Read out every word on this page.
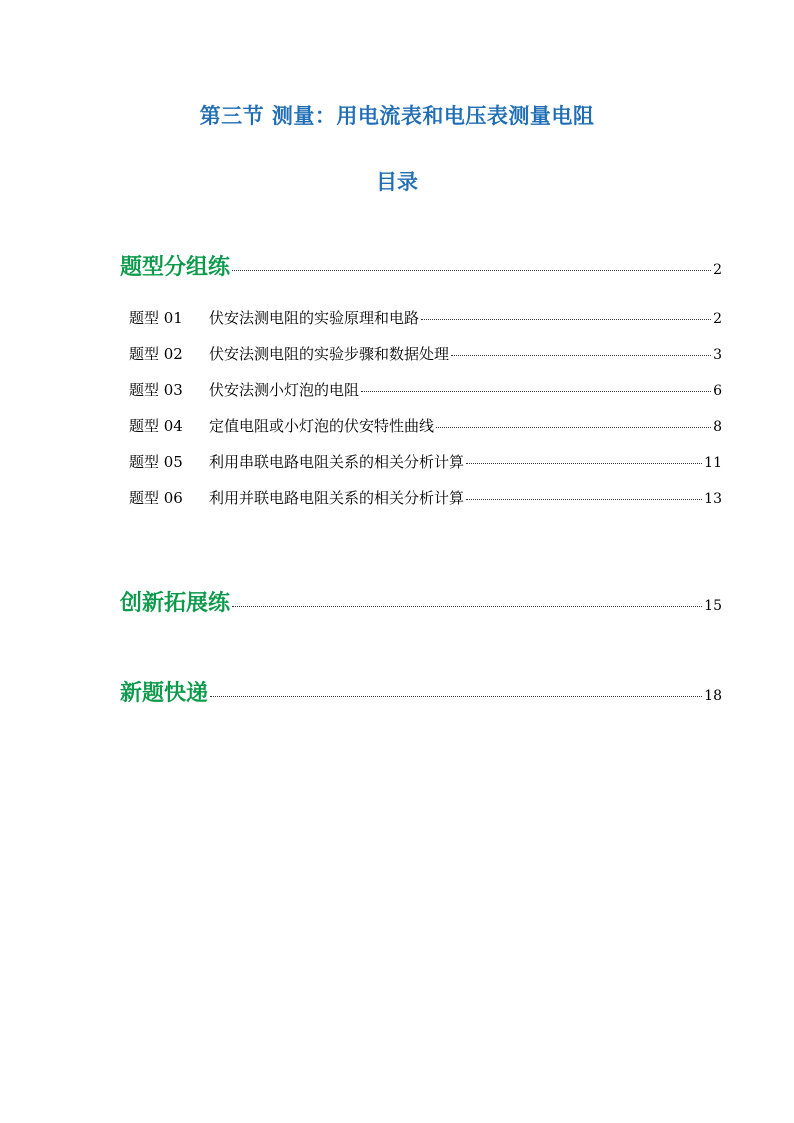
第三节 测量：用电流表和电压表测量电阻
目录
题型分组练	2
题型 01	伏安法测电阻的实验原理和电路	2
题型 02	伏安法测电阻的实验步骤和数据处理	3
题型 03	伏安法测小灯泡的电阻	6
题型 04	定值电阻或小灯泡的伏安特性曲线	8
题型 05	利用串联电路电阻关系的相关分析计算	11
题型 06	利用并联电路电阻关系的相关分析计算	13
创新拓展练	15
新题快递	18
